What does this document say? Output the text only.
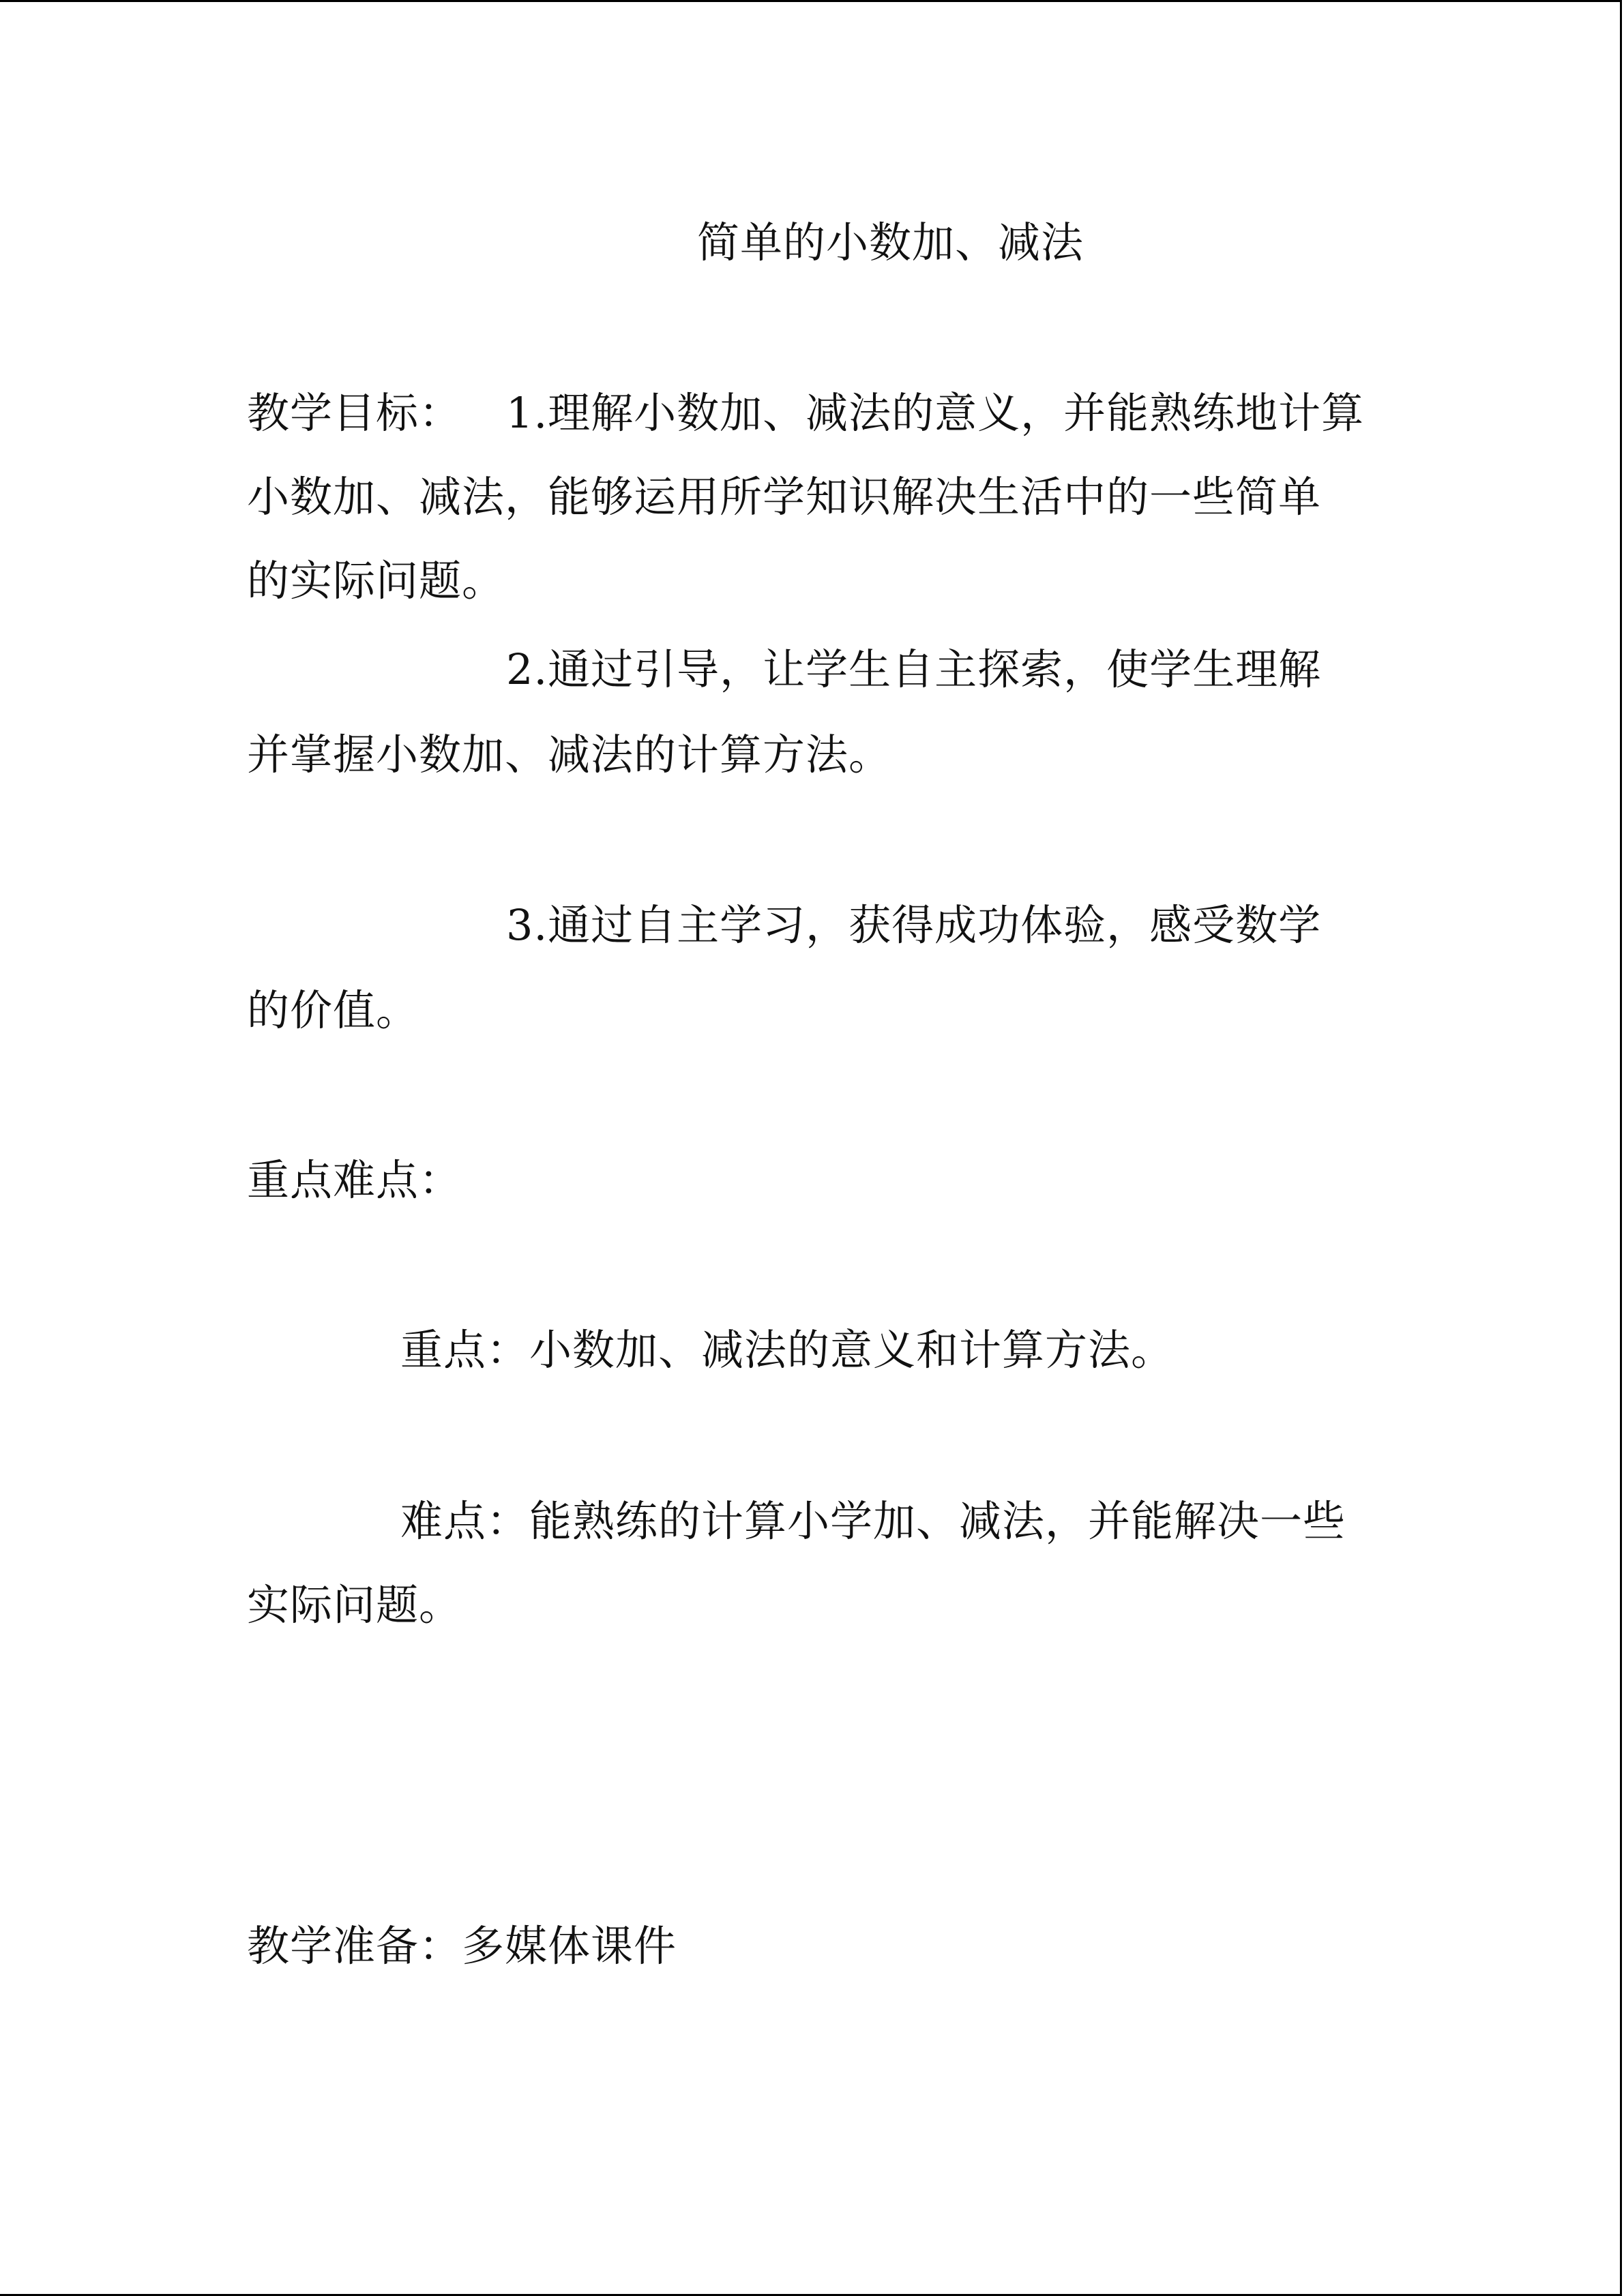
简单的小数加、减法
教学目标： 1.理解小数加、减法的意义，并能熟练地计算
小数加、减法，能够运用所学知识解决生活中的一些简单
的实际问题。
2.通过引导，让学生自主探索，使学生理解
并掌握小数加、减法的计算方法。
3.通过自主学习，获得成功体验，感受数学
的价值。
重点难点：
重点：小数加、减法的意义和计算方法。
难点：能熟练的计算小学加、减法，并能解决一些
实际问题。
教学准备：多媒体课件
